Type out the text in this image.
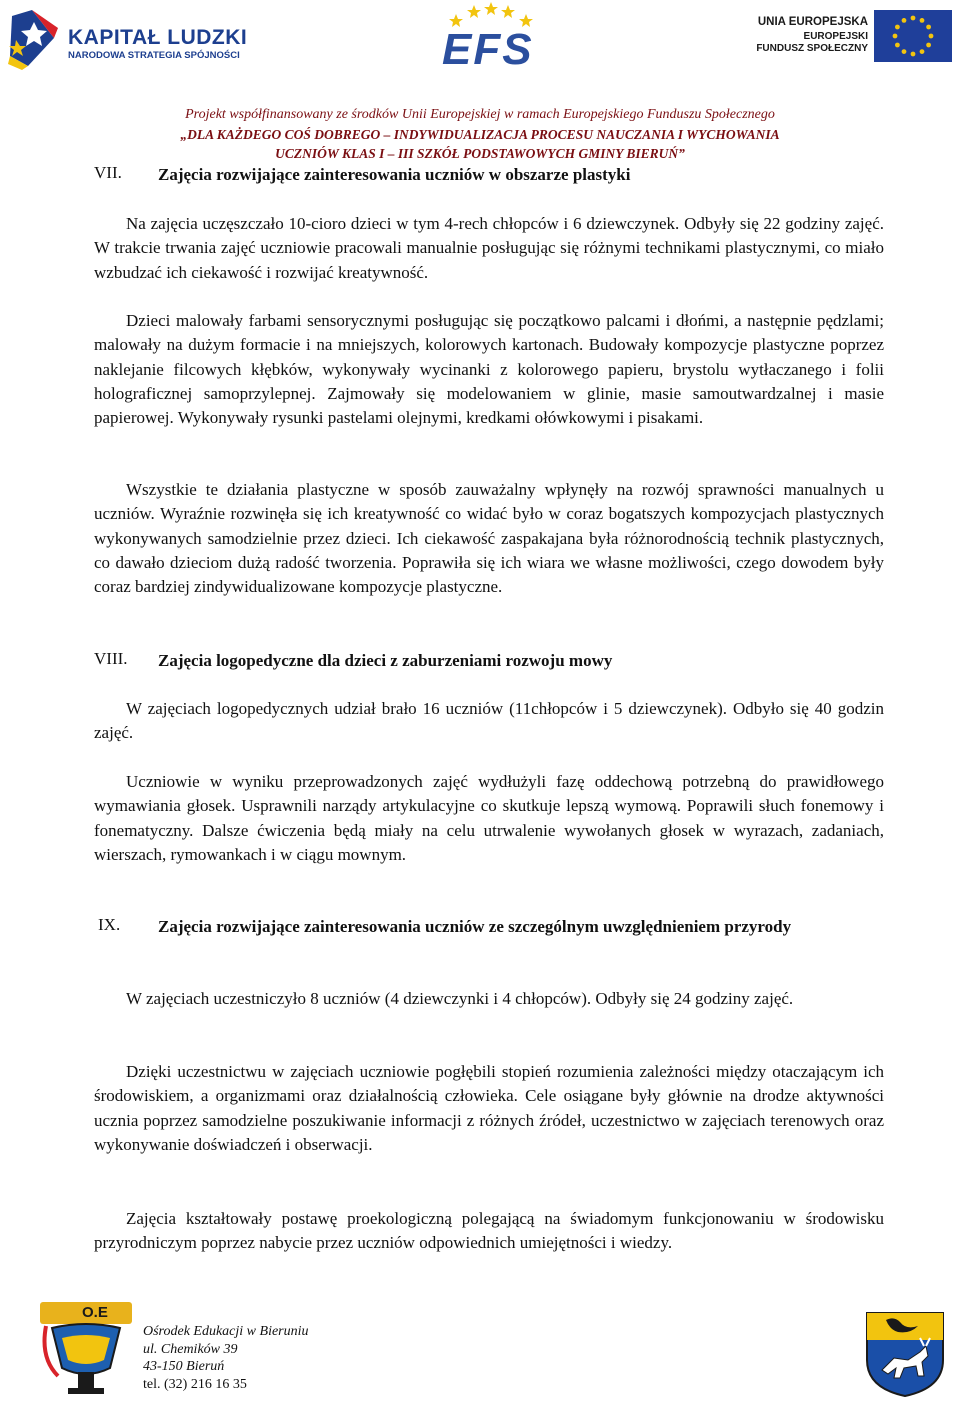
KAPITAŁ LUDZKI
NARODOWA STRATEGIA SPÓJNOŚCI	EFS
UNIA EUROPEJSKA
EUROPEJSKI
FUNDUSZ SPOŁECZNY
Projekt współfinansowany ze środków Unii Europejskiej w ramach Europejskiego Funduszu Społecznego
„DLA KAŻDEGO COŚ DOBREGO – INDYWIDUALIZACJA PROCESU NAUCZANIA I WYCHOWANIA
UCZNIÓW KLAS I – III SZKÓŁ PODSTAWOWYCH GMINY BIERUŃ”
VII. Zajęcia rozwijające zainteresowania uczniów w obszarze plastyki

Na zajęcia uczęszczało 10-cioro dzieci w tym 4-rech chłopców i 6 dziewczynek. Odbyły się 22 godziny zajęć. W trakcie trwania zajęć uczniowie pracowali manualnie posługując się różnymi technikami plastycznymi, co miało wzbudzać ich ciekawość i rozwijać kreatywność.

Dzieci malowały farbami sensorycznymi posługując się początkowo palcami i dłońmi, a następnie pędzlami; malowały na dużym formacie i na mniejszych, kolorowych kartonach. Budowały kompozycje plastyczne poprzez naklejanie filcowych kłębków, wykonywały wycinanki z kolorowego papieru, brystolu wytłaczanego i folii holograficznej samoprzylepnej. Zajmowały się modelowaniem w glinie, masie samoutwardzalnej i masie papierowej. Wykonywały rysunki pastelami olejnymi, kredkami ołówkowymi i pisakami.

Wszystkie te działania plastyczne w sposób zauważalny wpłynęły na rozwój sprawności manualnych u uczniów. Wyraźnie rozwinęła się ich kreatywność co widać było w coraz bogatszych kompozycjach plastycznych wykonywanych samodzielnie przez dzieci. Ich ciekawość zaspakajana była różnorodnością technik plastycznych, co dawało dzieciom dużą radość tworzenia. Poprawiła się ich wiara we własne możliwości, czego dowodem były coraz bardziej zindywidualizowane kompozycje plastyczne.

VIII. Zajęcia logopedyczne dla dzieci z zaburzeniami rozwoju mowy

W zajęciach logopedycznych udział brało 16 uczniów (11chłopców i 5 dziewczynek). Odbyło się 40 godzin zajęć.

Uczniowie w wyniku przeprowadzonych zajęć wydłużyli fazę oddechową potrzebną do prawidłowego wymawiania głosek. Usprawnili narządy artykulacyjne co skutkuje lepszą wymową. Poprawili słuch fonemowy i fonematyczny. Dalsze ćwiczenia będą miały na celu utrwalenie wywołanych głosek w wyrazach, zadaniach, wierszach, rymowankach i w ciągu mownym.

IX. Zajęcia rozwijające zainteresowania uczniów ze szczególnym uwzględnieniem przyrody

W zajęciach uczestniczyło 8 uczniów (4 dziewczynki i 4 chłopców). Odbyły się 24 godziny zajęć.

Dzięki uczestnictwu w zajęciach uczniowie pogłębili stopień rozumienia zależności między otaczającym ich środowiskiem, a organizmami oraz działalnością człowieka. Cele osiągane były głównie na drodze aktywności ucznia poprzez samodzielne poszukiwanie informacji z różnych źródeł, uczestnictwo w zajęciach terenowych oraz wykonywanie doświadczeń i obserwacji.

Zajęcia kształtowały postawę proekologiczną polegającą na świadomym funkcjonowaniu w środowisku przyrodniczym poprzez nabycie przez uczniów odpowiednich umiejętności i wiedzy.

O.E
Ośrodek Edukacji w Bieruniu
ul. Chemików 39
43-150 Bieruń
tel. (32) 216 16 35
